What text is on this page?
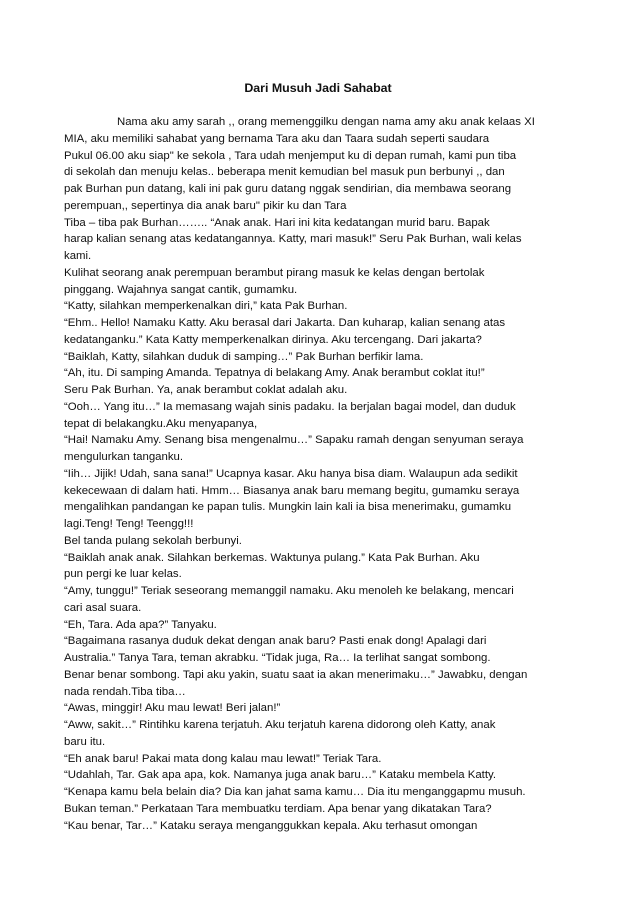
Dari Musuh Jadi Sahabat
Nama aku amy sarah ,, orang memenggilku dengan nama amy aku anak kelaas XI
MIA, aku memiliki sahabat yang bernama Tara aku dan Taara sudah seperti saudara
Pukul 06.00 aku siap" ke sekola , Tara udah menjemput ku di depan rumah, kami pun tiba
di sekolah dan menuju kelas.. beberapa menit kemudian bel masuk pun berbunyi ,, dan
pak Burhan pun datang, kali ini pak guru datang nggak sendirian, dia membawa seorang
perempuan,, sepertinya dia anak baru" pikir ku dan Tara
Tiba – tiba pak Burhan…….. “Anak anak. Hari ini kita kedatangan murid baru. Bapak
harap kalian senang atas kedatangannya. Katty, mari masuk!” Seru Pak Burhan, wali kelas
kami.
Kulihat seorang anak perempuan berambut pirang masuk ke kelas dengan bertolak
pinggang. Wajahnya sangat cantik, gumamku.
“Katty, silahkan memperkenalkan diri,” kata Pak Burhan.
“Ehm.. Hello! Namaku Katty. Aku berasal dari Jakarta. Dan kuharap, kalian senang atas
kedatanganku.” Kata Katty memperkenalkan dirinya. Aku tercengang. Dari jakarta?
“Baiklah, Katty, silahkan duduk di samping…” Pak Burhan berfikir lama.
“Ah, itu. Di samping Amanda. Tepatnya di belakang Amy. Anak berambut coklat itu!”
Seru Pak Burhan. Ya, anak berambut coklat adalah aku.
“Ooh… Yang itu…” Ia memasang wajah sinis padaku. Ia berjalan bagai model, dan duduk
tepat di belakangku.Aku menyapanya,
“Hai! Namaku Amy. Senang bisa mengenalmu…” Sapaku ramah dengan senyuman seraya
mengulurkan tanganku.
“Iih… Jijik! Udah, sana sana!” Ucapnya kasar. Aku hanya bisa diam. Walaupun ada sedikit
kekecewaan di dalam hati. Hmm… Biasanya anak baru memang begitu, gumamku seraya
mengalihkan pandangan ke papan tulis. Mungkin lain kali ia bisa menerimaku, gumamku
lagi.Teng! Teng! Teengg!!!
Bel tanda pulang sekolah berbunyi.
“Baiklah anak anak. Silahkan berkemas. Waktunya pulang.” Kata Pak Burhan. Aku
pun pergi ke luar kelas.
“Amy, tunggu!” Teriak seseorang memanggil namaku. Aku menoleh ke belakang, mencari
cari asal suara.
“Eh, Tara. Ada apa?” Tanyaku.
“Bagaimana rasanya duduk dekat dengan anak baru? Pasti enak dong! Apalagi dari
Australia.” Tanya Tara, teman akrabku. “Tidak juga, Ra… Ia terlihat sangat sombong.
Benar benar sombong. Tapi aku yakin, suatu saat ia akan menerimaku…” Jawabku, dengan
nada rendah.Tiba tiba…
“Awas, minggir! Aku mau lewat! Beri jalan!”
“Aww, sakit…” Rintihku karena terjatuh. Aku terjatuh karena didorong oleh Katty, anak
baru itu.
“Eh anak baru! Pakai mata dong kalau mau lewat!” Teriak Tara.
“Udahlah, Tar. Gak apa apa, kok. Namanya juga anak baru…” Kataku membela Katty.
“Kenapa kamu bela belain dia? Dia kan jahat sama kamu… Dia itu menganggapmu musuh.
Bukan teman.” Perkataan Tara membuatku terdiam. Apa benar yang dikatakan Tara?
“Kau benar, Tar…” Kataku seraya menganggukkan kepala. Aku terhasut omongan
